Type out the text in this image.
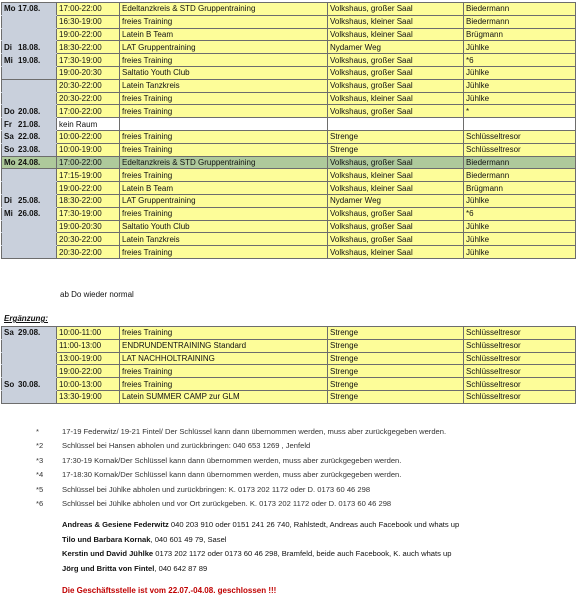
Mo 17.08.	17:00-22:00	Edeltanzkreis & STD Gruppentraining	Volkshaus, großer Saal	Biedermann
	16:30-19:00	freies Training	Volkshaus, kleiner Saal	Biedermann
	19:00-22:00	Latein B Team	Volkshaus, kleiner Saal	Brügmann
Di 18.08.	18:30-22:00	LAT Gruppentraining	Nydamer Weg	Jühlke
Mi 19.08.	17:30-19:00	freies Training	Volkshaus, großer Saal	*6
	19:00-20:30	Saltatio Youth Club	Volkshaus, großer Saal	Jühlke
	20:30-22:00	Latein Tanzkreis	Volkshaus, großer Saal	Jühlke
	20:30-22:00	freies Training	Volkshaus, kleiner Saal	Jühlke
Do 20.08.	17:00-22:00	freies Training	Volkshaus, großer Saal	*
Fr 21.08.	kein Raum			
Sa 22.08.	10:00-22:00	freies Training	Strenge	Schlüsseltresor
So 23.08.	10:00-19:00	freies Training	Strenge	Schlüsseltresor
Mo 24.08.	17:00-22:00	Edeltanzkreis & STD Gruppentraining	Volkshaus, großer Saal	Biedermann
	17:15-19:00	freies Training	Volkshaus, kleiner Saal	Biedermann
	19:00-22:00	Latein B Team	Volkshaus, kleiner Saal	Brügmann
Di 25.08.	18:30-22:00	LAT Gruppentraining	Nydamer Weg	Jühlke
Mi 26.08.	17:30-19:00	freies Training	Volkshaus, großer Saal	*6
	19:00-20:30	Saltatio Youth Club	Volkshaus, großer Saal	Jühlke
	20:30-22:00	Latein Tanzkreis	Volkshaus, großer Saal	Jühlke
	20:30-22:00	freies Training	Volkshaus, kleiner Saal	Jühlke
ab Do wieder normal
Ergänzung:
Sa 29.08.	10:00-11:00	freies Training	Strenge	Schlüsseltresor
	11:00-13:00	ENDRUNDENTRAINING Standard	Strenge	Schlüsseltresor
	13:00-19:00	LAT NACHHOLTRAINING	Strenge	Schlüsseltresor
	19:00-22:00	freies Training	Strenge	Schlüsseltresor
So 30.08.	10:00-13:00	freies Training	Strenge	Schlüsseltresor
	13:30-19:00	Latein SUMMER CAMP zur GLM	Strenge	Schlüsseltresor
*	17-19 Federwitz/ 19-21 Fintel/ Der Schlüssel kann dann übernommen werden, muss aber zurückgegeben werden.
*2	Schlüssel bei Hansen abholen und zurückbringen: 040 653 1269 , Jenfeld
*3	17:30-19 Kornak/Der Schlüssel kann dann übernommen werden, muss aber zurückgegeben werden.
*4	17-18:30 Kornak/Der Schlüssel kann dann übernommen werden, muss aber zurückgegeben werden.
*5	Schlüssel bei Jühlke abholen und zurückbringen: K. 0173 202 1172 oder D. 0173 60 46 298
*6	Schlüssel bei Jühlke abholen und vor Ort zurückgeben. K. 0173 202 1172 oder D. 0173 60 46 298
Andreas & Gesiene Federwitz 040 203 910 oder 0151 241 26 740, Rahlstedt, Andreas auch Facebook und whats up
Tilo und Barbara Kornak, 040 601 49 79, Sasel
Kerstin und David Jühlke 0173 202 1172 oder 0173 60 46 298, Bramfeld, beide auch Facebook, K. auch whats up
Jörg und Britta von Fintel, 040 642 87 89
Die Geschäftsstelle ist vom 22.07.-04.08. geschlossen !!!
